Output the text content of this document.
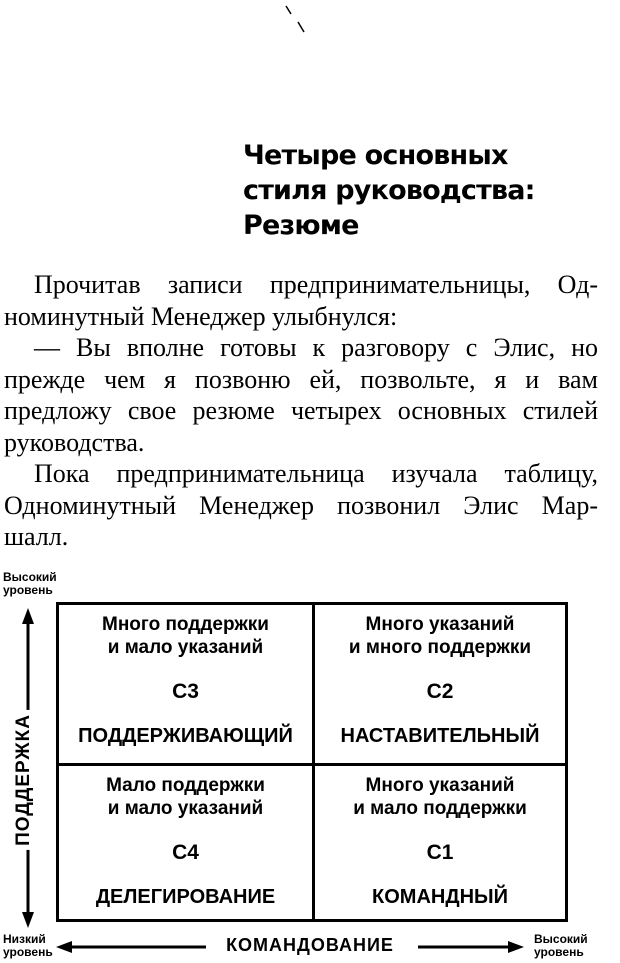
Четыре основных
стиля руководства:
Резюме
Прочитав записи предпринимательницы, Од-
номинутный Менеджер улыбнулся:
— Вы вполне готовы к разговору с Элис, но
прежде чем я позвоню ей, позвольте, я и вам
предложу свое резюме четырех основных стилей
руководства.
Пока предпринимательница изучала таблицу,
Одноминутный Менеджер позвонил Элис Мар-
шалл.
Высокий
уровень
ПОДДЕРЖКА
Низкий
уровень	КОМАНДОВАНИЕ	Высокий
уровень
Много поддержки
и мало указаний
С3
ПОДДЕРЖИВАЮЩИЙ
Много указаний
и много поддержки
С2
НАСТАВИТЕЛЬНЫЙ
Мало поддержки
и мало указаний
С4
ДЕЛЕГИРОВАНИЕ
Много указаний
и мало поддержки
С1
КОМАНДНЫЙ
